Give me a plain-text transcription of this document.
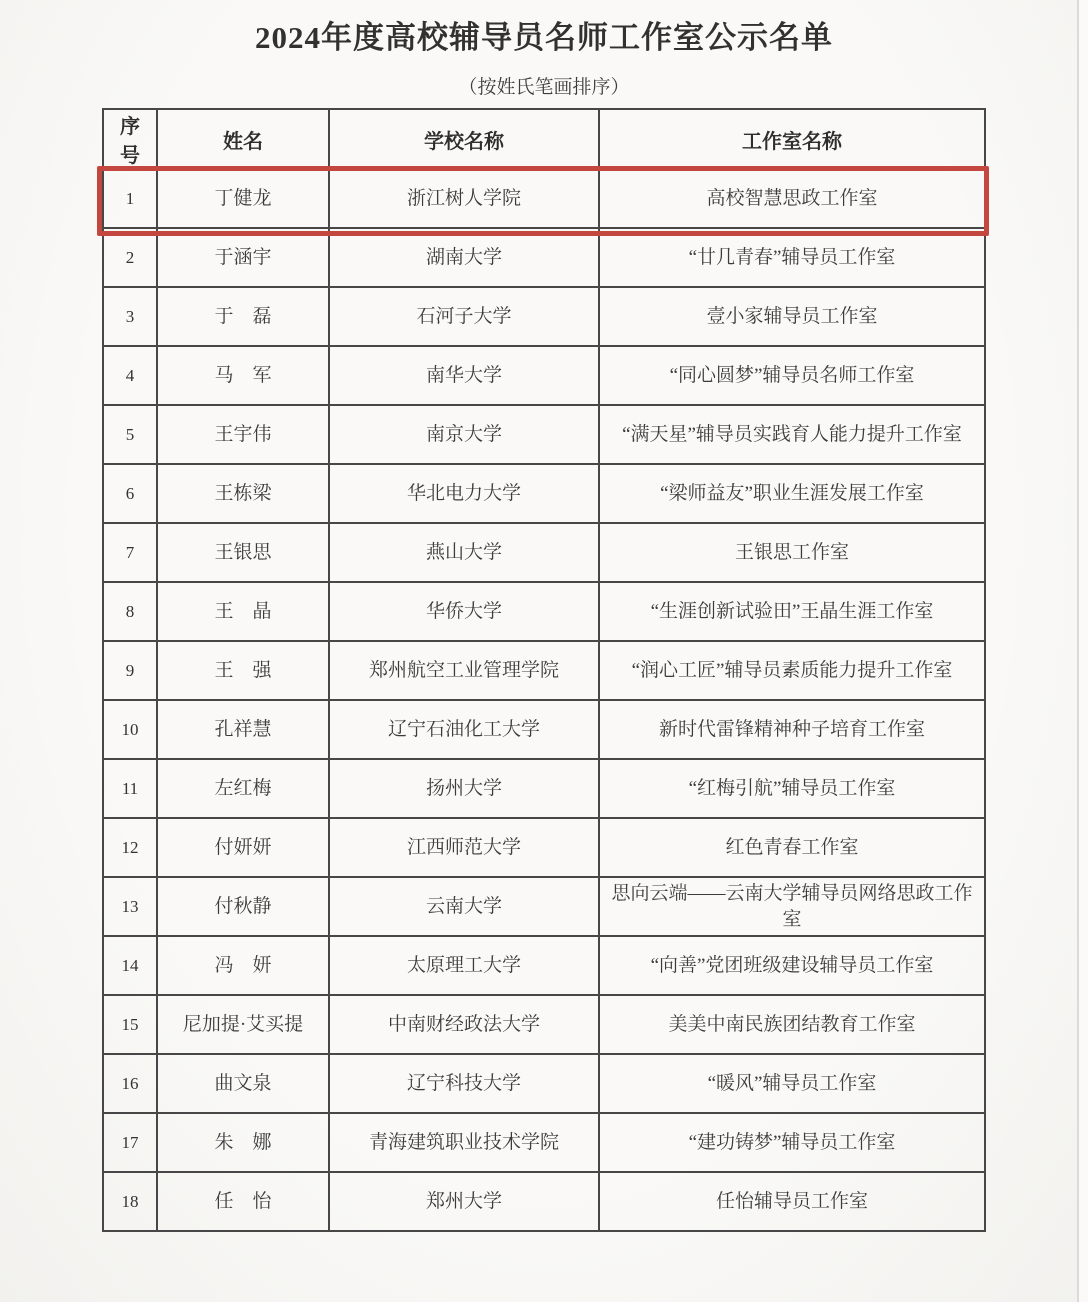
2024年度高校辅导员名师工作室公示名单
（按姓氏笔画排序）
序号	姓名	学校名称	工作室名称
1	丁健龙	浙江树人学院	高校智慧思政工作室
2	于涵宇	湖南大学	“廿几青春”辅导员工作室
3	于　磊	石河子大学	壹小家辅导员工作室
4	马　军	南华大学	“同心圆梦”辅导员名师工作室
5	王宇伟	南京大学	“满天星”辅导员实践育人能力提升工作室
6	王栋梁	华北电力大学	“梁师益友”职业生涯发展工作室
7	王银思	燕山大学	王银思工作室
8	王　晶	华侨大学	“生涯创新试验田”王晶生涯工作室
9	王　强	郑州航空工业管理学院	“润心工匠”辅导员素质能力提升工作室
10	孔祥慧	辽宁石油化工大学	新时代雷锋精神种子培育工作室
11	左红梅	扬州大学	“红梅引航”辅导员工作室
12	付妍妍	江西师范大学	红色青春工作室
13	付秋静	云南大学	思向云端——云南大学辅导员网络思政工作室
14	冯　妍	太原理工大学	“向善”党团班级建设辅导员工作室
15	尼加提·艾买提	中南财经政法大学	美美中南民族团结教育工作室
16	曲文泉	辽宁科技大学	“暖风”辅导员工作室
17	朱　娜	青海建筑职业技术学院	“建功铸梦”辅导员工作室
18	任　怡	郑州大学	任怡辅导员工作室
